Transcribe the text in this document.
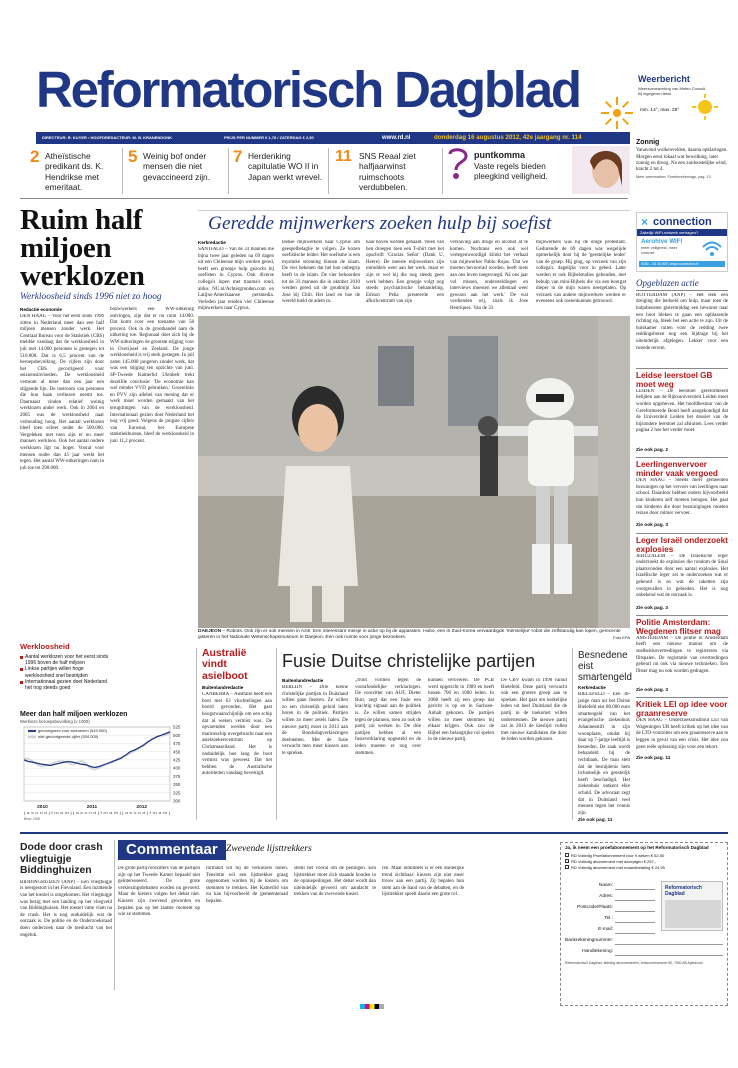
Reformatorisch Dagblad	Weerbericht
Weersverwachting van Meteo Consult
bij ingegeven tekst
min. 14°, max. 28°
Zonnig
Vanavond wolkenvelden, daarna opklaringen. Morgen eerst lokaal wat bewolking, later zonnig en droog. Na een zuidoostelijke wind, kracht 2 tot 4.
Meer weermaken: Foreberekenings, pag. 13
DIRECTEUR: R. KUYER • HOOFDREDACTEUR: M. B. KRANENDONK	PRIJS PER NUMMER € 1,78 / ZATERDAG € 2,50	www.rd.nl	donderdag 16 augustus 2012, 42e jaargang nr. 114
2 Atheïstische predikant ds. K. Hendrikse met emeritaat.
5 Weinig bof onder mensen die niet gevaccineerd zijn.
7 Herdenking capitulatie WO II in Japan werkt wrevel.
11 SNS Reaal ziet halfjaarwinst ruimschoots verdubbelen.
puntkomma
Vaste regels bieden pleegkind veiligheid.
Ruim half miljoen werklozen
Werkloosheid sinds 1996 niet zo hoog
Redactie economie
DEN HAAG – Voor het eerst sinds 1996 zitten in Nederland meer dan een half miljoen mensen zonder werk. Het Centraal Bureau voor de Statistiek (CBS) meldde vandaag dat de werkloosheid in juli met 14.000 personen is gestegen tot 510.000. Dat is 6,5 procent van de beroepsbevolking. De cijfers zijn door het CBS gecorrigeerd voor seizoensinvloeden. De werkloosheid vertoont al meer dan een jaar een stijgende lijn. De instroom van personen die hun baan verliezen neemt toe. Daarnaast vinden relatief weinig werklozen ander werk. Ook in 2004 en 2005 was de werkloosheid naar verhouding hoog. Het aantal werklozen bleef toen echter onder de 500.000. Vergeleken met toen zijn er nu meer mannen werkloos. Ook het aantal oudere werklozen ligt nu hoger. Vooral voor mensen ouder dan 45 jaar werkt het tegen. Het aantal WW-uitkeringen nam in juli toe tot 290.000.
bouwwerkers een WW-uitkering ontvingen, zijn dat er nu ruim 14.000. Dat komt voor een toename van 58 procent. Ook in de groothandel nam de uitkering toe. Regionaal doet zich bij de WW-uitkeringen de grootste stijging voor in Overijssel en Zeeland. De jonge werkloosheid is vrij sterk gestegen. In juli zaten 145.000 jongeren zonder werk, dat was een stijging ten opzichte van juni. SP-Tweede Kamerlid Ulenbelt trekt dezelfde conclusie: 'De economie kan wel minder VVD gebruiken.' Groenlinks en PVV zijn allebei van mening dat er werk moet worden gemaakt van het terugdringen van de werkloosheid. Internationaal gezien doet Nederland het nog vrij goed. Volgens de jongste cijfers van Eurostat, het Europese statistiekbureau, bleef de werkloosheid in juni 11,2 procent.
Werkloosheid
Aantal werklozen voor het eerst sinds 1996 boven de half miljoen
Linkse partijen willen hoge werkloosheid snel bestrijden
Internationaal gezien doet Nederland het nog steeds goed
Meer dan half miljoen werklozen
Werkloze beroepsbevolking (x 1000)
300
325
350
375
400
425
450
475
500
525
gecorrigeerd voor seizoenen (510.000)
niet-gecorrigeerde cijfer (504.000)
2010	2011	2012
j a s o n d j f m a m j j a s o n d j f m a m j j a s o n d j f m a m j
Bron: CBS
Geredde mijnwerkers zoeken hulp bij soefist
Kerkredactie
SANTIAGO – Van de 33 mannen die bijna twee jaar geleden na 69 dagen uit een Chileense mijn werden gered, heeft een groepje hulp gezocht bij soefisten in Cyprus. Ook diverse collega's lopen met trauma's rond, aldus NU.nl/Achtergronden.com en Latijns-Amerikaanse persmedia. Verleden jaar reisden vier Chileense mijnwerkers naar Cyprus.
leense mijnwerkers naar Cyprus om geespelbetaglie te volgen. Ze kozen soefistische leider. Het soefisme is een mystieke stroming binnen de islam. De vier bekenen dat het hun onbegrip heeft in de islam. De vier behoorden tot de 33 mannen die in oktober 2010 werden gered uit de goudmijn San José bij Chili. Het land en hoe de wereld hield de adem in.
naar boven werden gehaald. Velen van hen droegen toen een T-shirt met het opschrift 'Gracias Señor' (Dank U, Heere). De meeste mijnwerkers zijn inmiddels weer aan het werk, maar er zijn er wel bij die nog steeds geen werk hebben. Een groepje volgt nog steeds psychiatrische behandeling. Edison Peña presteerde een afkickcentrum van zijn
verslaving aan drugs en alcohol af te komen. Nochtans een ook wel vertegenwoordigd klinkt het verhaal van mijnwerker Pablo Rojas. 'Dat we moeten bevoorrad worden, heeft niets aan ons leven toegevoegd. Ná ons jaar vol missen, ondersteldingen en interviews moesten we allemaal weer gewoon aan het werk.' De wat verdienden wij, zoals ik Jose Henríquez. Van de 33
mijnwerkers was hij de enige protestant. Gedurende de 69 dagen was wegelijde opmerkelijk door hij de 'geestelijke leider' van de groep. Hij ging, op verzoek van zijn collega's, dagelijks voor in gebed. Later werden er ook Bijbelstudies gehouden, met behulp van mini-Bijbels die via een boorgat dieper in de mijn waren neergelaten. Op verzoek van andere mijnwerkers werden er eveneens ook roeienkunnen getrouwd.
DAEJEON – Robots. Ook zijn er ook mensen in Azië. Een interessant meisje in actie op bij de apparaten. Hubo, een in Zuid-Korea vervaardigde 'menselijke' robot die zelfstandig kan lopen, gerecente gisteren in het Nationale Wetenschapsmuseum in Daejeon. Een ook ruimte voor jonge bezoekers.	Foto EPA
connection
×
Zakelijk WiFi-netwerk vertragen?
Aerohive WIFI
meer veiligheid, meer controle
0180 – 53 33 000 | www.connection.nl
Opgeblazen actie
ROTTERDAM (ANP) – Het leek een dreiging die bedoeld om hulp, maar toen de hulpdiensten gistermiddag een bewoner naar een boot bleken te gaan een opblazende richting op, bleek het een actie te zijn. Uit de huiskamer ruiten voor de redding twee reddingsboten nog een bijdrage bij het uiteindelijk afgelegen. Lekker voor een tweede terrein.
Leidse leerstoel GB moet weg
LEIDEN – De leerstoel gereformeerd belijden aan de Rijksuniversiteit Leiden moet worden opgeheven. Het hoofdbestuur van de Gereformeerde Bond heeft aangekondigd dat de Universiteit Leiden het dossier van de bijzondere leerstoel zal afsluiten. Lees verder pagina 2 hoe het verder moet.
Zie ook pag. 2
Leerlingenvervoer minder vaak vergoed
DEN HAAG – Steeds meer gemeenten bezuinigen op het vervoer van leerlingen naar school. Daardoor hebben ouders bijvoorbeeld hun kinderen zelf moeten brengen. Het gaat om kinderen die door bezuinigingen moeten reizen door ruimer vervoer.
Zie ook pag. 3
Leger Israël onderzoekt explosies
JERUZALEM – De Israëlische leger onderzoekt de explosies die rondom de Sinaï plaatsvonden door een aantal explosies. Het Israëlische leger zei te onderzoeken wat er gebeurd is en wat de raketten zijn voorgevallen in gebieden. Het is nog onbekend wat de oorzaak is.
Zie ook pag. 3
Politie Amsterdam: Wegdenen flitser mag
AMSTERDAM – De politie in Amsterdam heeft een nieuwe manier om de snelheidsovertredingen te registreren via flitspalen. De registratie van overtredingen gebeurt nu ook via nieuwe technieken. Een flitser mag nu ook worden gedragen.
Zie ook pag. 3
Kritiek LEI op idee voor graanreserve
DEN HAAG – Onderzoeksinstituut LEI van Wageningen UR heeft kritiek op het idee van de LTO-voorzitter om een graanreserve aan te leggen in geval van een crisis. Het idee zou geen reële oplossing zijn voor een tekort.
Zie ook pag. 11
Australië vindt asielboot
Buitenlandredactie
CANBERRA – Australië heeft een boot met 63 vluchtelingen aan boord gevonden. Het gaat hoogstwaarschijnlijk om een schip dat al weken vermist was. De opvarenden werden door een marineschip overgebracht naar een asielzoekerscentrum op Christmaseiland. Het is onduidelijk hoe lang de boot vermist was geweest. Dat het bebben de Australische autoriteiten vandaag bevestigd.
Fusie Duitse christelijke partijen
Buitenlandredactie
BERLIJN – Drie kleine christelijke partijen in Duitsland willen gaan fuseren. Ze willen zo een christelijk geluid laten horen in de politiek. Partijen willen zo meer zetels halen. De nieuwe partij moet in 2013 aan de Bondsdagverkiezingen deelnemen. Met de fusie verwacht men meer kiezers aan te spreken.
„front vormen tegen de voorafondelijke verklaringen. De voorzitter van AUF, Dieter Burr, zegt dat een fusie een krachtig signaal aan de politiek is. Ze willen samen strijden tegen de plannen, toen zo ook de partij zal werken in. De drie partijen hebben al een fusieverklaring opgesteld en de leden moeten er nog over stemmen.
kunnen veroveren. De PCB werd opgericht in 1989 en heeft tussen 700 en 1600 leden. In 2008 heeft zij een groep dat gericht is op en in Sachsen-Anhalt gekozen. De partijen willen zo meer stemmen bij elkaar krijgen. Ook zou de Bijbel een belangrijke rol spelen in de nieuwe partij.
De CBV kwam in 1990 vanuit Bielefeld. Deze partij verwacht ook een grotere groep aan te spreken. Het gaat om kerkelijke leden uit heel Duitsland die de partij in de toekomst willen ondersteunen. De nieuwe partij zal in 2013 de kieslijst vullen met nieuwe kandidaten die door de leden worden gekozen.
Besnedene eist smartengeld
Kerkredactie
BIELEFELD – Een 36-jarige man uit het Duitse Bielefeld eist 80.000 euro smartengeld van het evangelische ziekenhuis Johannesstift in zijn woonplaats, omdat hij daar op 7-jarige leeftijd is besneden. De zaak wordt behandeld bij de rechtbank. De man stelt dat de besnijdenis hem lichamelijk en geestelijk heeft beschadigd. Het ziekenhuis ontkent elke schuld. De advocaat zegt dat in Duitsland veel mensen tegen het vonnis zijn.
Zie ook pag. 11
Dode door crash vliegtuigje Biddinghuizen
BIDDINGHUIZEN (ANP) – Een vliegtuigje is neergestort in het Flevoland. Een inzittende van het toestel is omgekomen. Het vliegtuigje was bezig met een landing op het vliegveld van Biddinghuizen. Het toestel vatte vlam na de crash. Het is nog onduidelijk wat de oorzaak is. De politie en de Onderzoeksraad doen onderzoek naar de toedracht van het ongeluk.
Commentaar Zwevende lijsttrekkers
De grote partijvoorzitters van de partijen zijn op het Tweede Kamer bepaald niet geïnteresseerd. De grote verkiezingsdebatten worden nu gevoerd. Maar de kiezers volgen het debat niet. Kiezers zijn zwevend geworden en bepalen pas op het laatste moment op wie ze stemmen.
formand wil bij de verkiezers horen. Tenslotte wil een lijsttrekker graag opgenomen worden bij de kiezers om stemmen te trekken. Het Kamerlid van nu kan bijvoorbeeld de gemeenteraad bepalen.
stemt het vooral om de peilingen. Een lijsttrekker moet zich staande houden in de opiniepeilingen. Het debat wordt dan uiteindelijk gevoerd om aandacht te trekken van de zwevende kiezer.
ren. Maar inmiddels is er een duidelijke trend zichtbaar: kiezers zijn niet meer trouw aan een partij. Zij bepalen hun stem aan de hand van de debatten, en de lijsttrekker speelt daarin een grote rol.
Ja, ik neem een proefabonnement op het Reformatorisch Dagblad
RD Volledig Proefabonnement voor 9 weken € 52,50
RD Volledig abonnement met acceptgiro € 257,-
RD Volledig abonnement met maandbetaling € 24,95
Naam:
Adres:
Postcode/Plaats:
Tel.:
E-mail:
Bankrekeningnummer:
Handtekening:
Reformatorisch Dagblad, afdeling abonnementen, Antwoordnummer 50, 7500 AB Apeldoorn
Reformatorisch Dagblad
